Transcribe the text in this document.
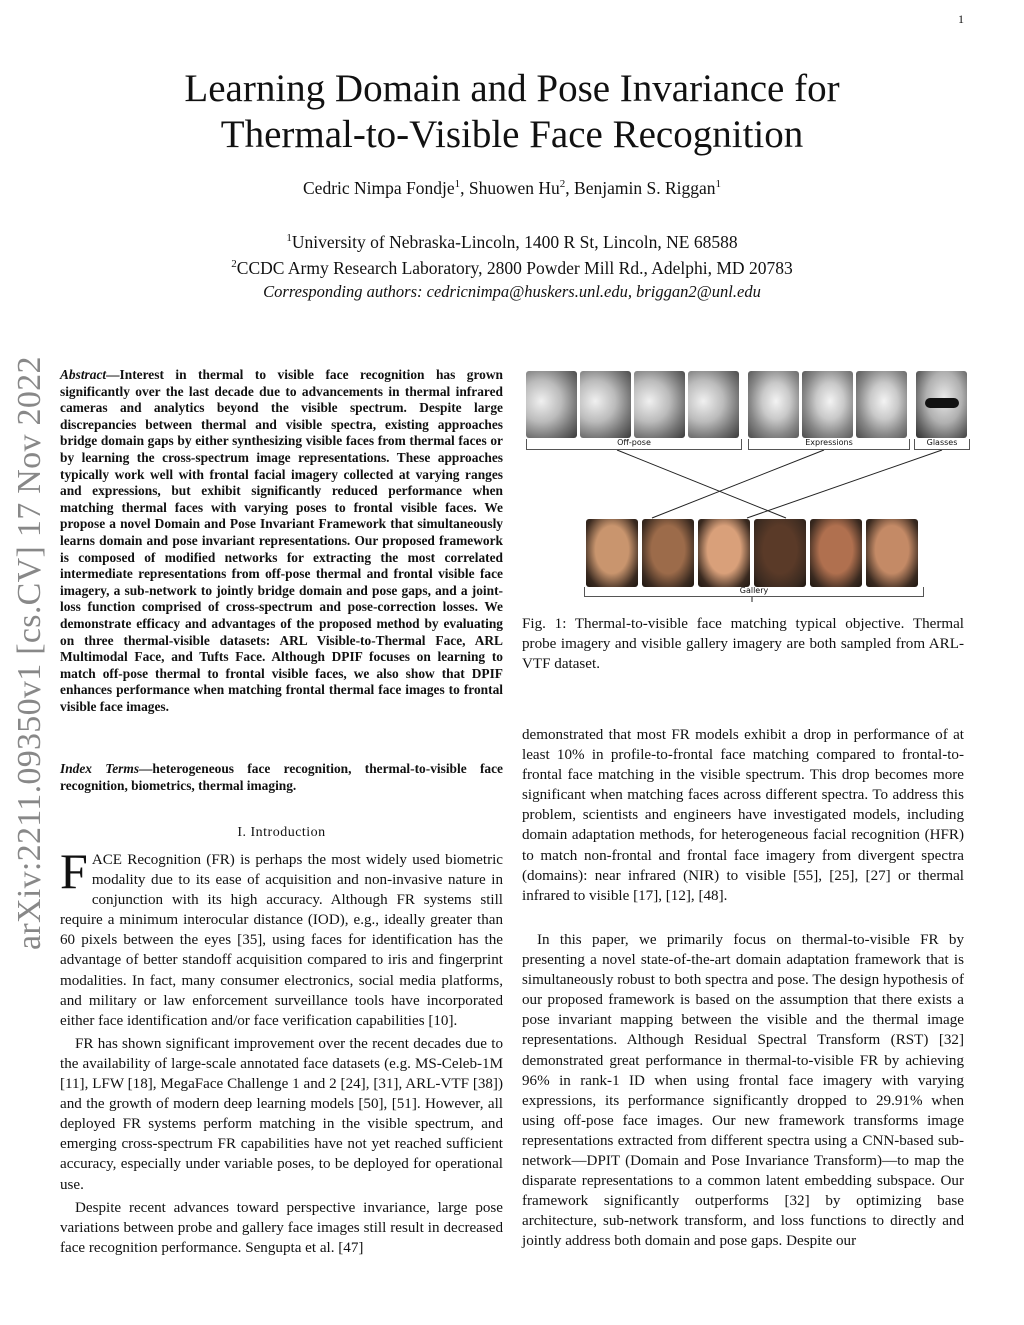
1
Learning Domain and Pose Invariance for
Thermal-to-Visible Face Recognition
Cedric Nimpa Fondje$^1$, Shuowen Hu$^2$, Benjamin S. Riggan$^1$
$^1$University of Nebraska-Lincoln, 1400 R St, Lincoln, NE 68588
$^2$CCDC Army Research Laboratory, 2800 Powder Mill Rd., Adelphi, MD 20783
Corresponding authors: cedricnimpa@huskers.unl.edu, briggan2@unl.edu
arXiv:2211.09350v1 [cs.CV] 17 Nov 2022 Abstract—Interest in thermal to visible face recognition has grown significantly over the last decade due to advancements in thermal infrared cameras and analytics beyond the visible spectrum. Despite large discrepancies between thermal and visible spectra, existing approaches bridge domain gaps by either synthesizing visible faces from thermal faces or by learning the cross-spectrum image representations. These approaches typically work well with frontal facial imagery collected at varying ranges and expressions, but exhibit significantly reduced performance when matching thermal faces with varying poses to frontal visible faces. We propose a novel Domain and Pose Invariant Framework that simultaneously learns domain and pose invariant representations. Our proposed framework is composed of modified networks for extracting the most correlated intermediate representations from off-pose thermal and frontal visible face imagery, a sub-network to jointly bridge domain and pose gaps, and a joint-loss function comprised of cross-spectrum and pose-correction losses. We demonstrate efficacy and advantages of the proposed method by evaluating on three thermal-visible datasets: ARL Visible-to-Thermal Face, ARL Multimodal Face, and Tufts Face. Although DPIF focuses on learning to match off-pose thermal to frontal visible faces, we also show that DPIF enhances performance when matching frontal thermal face images to frontal visible face images.
Index Terms—heterogeneous face recognition, thermal-to-visible face recognition, biometrics, thermal imaging.
I. Introduction
FACE Recognition (FR) is perhaps the most widely used biometric modality due to its ease of acquisition and non-invasive nature in conjunction with its high accuracy. Although FR systems still require a minimum interocular distance (IOD), e.g., ideally greater than 60 pixels between the eyes [35], using faces for identification has the advantage of better standoff acquisition compared to iris and fingerprint modalities. In fact, many consumer electronics, social media platforms, and military or law enforcement surveillance tools have incorporated either face identification and/or face verification capabilities [10].
FR has shown significant improvement over the recent decades due to the availability of large-scale annotated face datasets (e.g. MS-Celeb-1M [11], LFW [18], MegaFace Challenge 1 and 2 [24], [31], ARL-VTF [38]) and the growth of modern deep learning models [50], [51]. However, all deployed FR systems perform matching in the visible spectrum, and emerging cross-spectrum FR capabilities have not yet reached sufficient accuracy, especially under variable poses, to be deployed for operational use.
Despite recent advances toward perspective invariance, large pose variations between probe and gallery face images still result in decreased face recognition performance. Sengupta et al. [47]
Off-pose	Expressions	Glasses
Gallery
Fig. 1: Thermal-to-visible face matching typical objective. Thermal probe imagery and visible gallery imagery are both sampled from ARL-VTF dataset.
demonstrated that most FR models exhibit a drop in performance of at least 10% in profile-to-frontal face matching compared to frontal-to-frontal face matching in the visible spectrum. This drop becomes more significant when matching faces across different spectra. To address this problem, scientists and engineers have investigated models, including domain adaptation methods, for heterogeneous facial recognition (HFR) to match non-frontal and frontal face imagery from divergent spectra (domains): near infrared (NIR) to visible [55], [25], [27] or thermal infrared to visible [17], [12], [48].
In this paper, we primarily focus on thermal-to-visible FR by presenting a novel state-of-the-art domain adaptation framework that is simultaneously robust to both spectra and pose. The design hypothesis of our proposed framework is based on the assumption that there exists a pose invariant mapping between the visible and the thermal image representations. Although Residual Spectral Transform (RST) [32] demonstrated great performance in thermal-to-visible FR by achieving 96% in rank-1 ID when using frontal face imagery with varying expressions, its performance significantly dropped to 29.91% when using off-pose face images. Our new framework transforms image representations extracted from different spectra using a CNN-based sub-network—DPIT (Domain and Pose Invariance Transform)—to map the disparate representations to a common latent embedding subspace. Our framework significantly outperforms [32] by optimizing base architecture, sub-network transform, and loss functions to directly and jointly address both domain and pose gaps. Despite our
